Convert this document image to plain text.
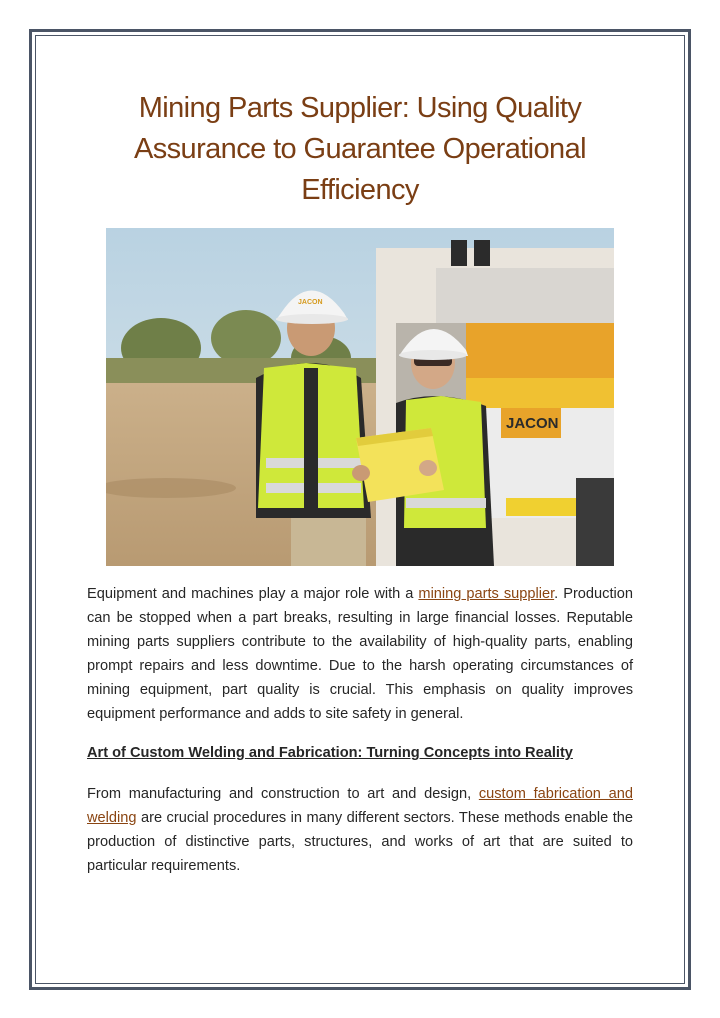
Mining Parts Supplier: Using Quality Assurance to Guarantee Operational Efficiency
JACON
JACON

Equipment and machines play a major role with a mining parts supplier. Production can be stopped when a part breaks, resulting in large financial losses. Reputable mining parts suppliers contribute to the availability of high-quality parts, enabling prompt repairs and less downtime. Due to the harsh operating circumstances of mining equipment, part quality is crucial. This emphasis on quality improves equipment performance and adds to site safety in general.

Art of Custom Welding and Fabrication: Turning Concepts into Reality

From manufacturing and construction to art and design, custom fabrication and welding are crucial procedures in many different sectors. These methods enable the production of distinctive parts, structures, and works of art that are suited to particular requirements.
